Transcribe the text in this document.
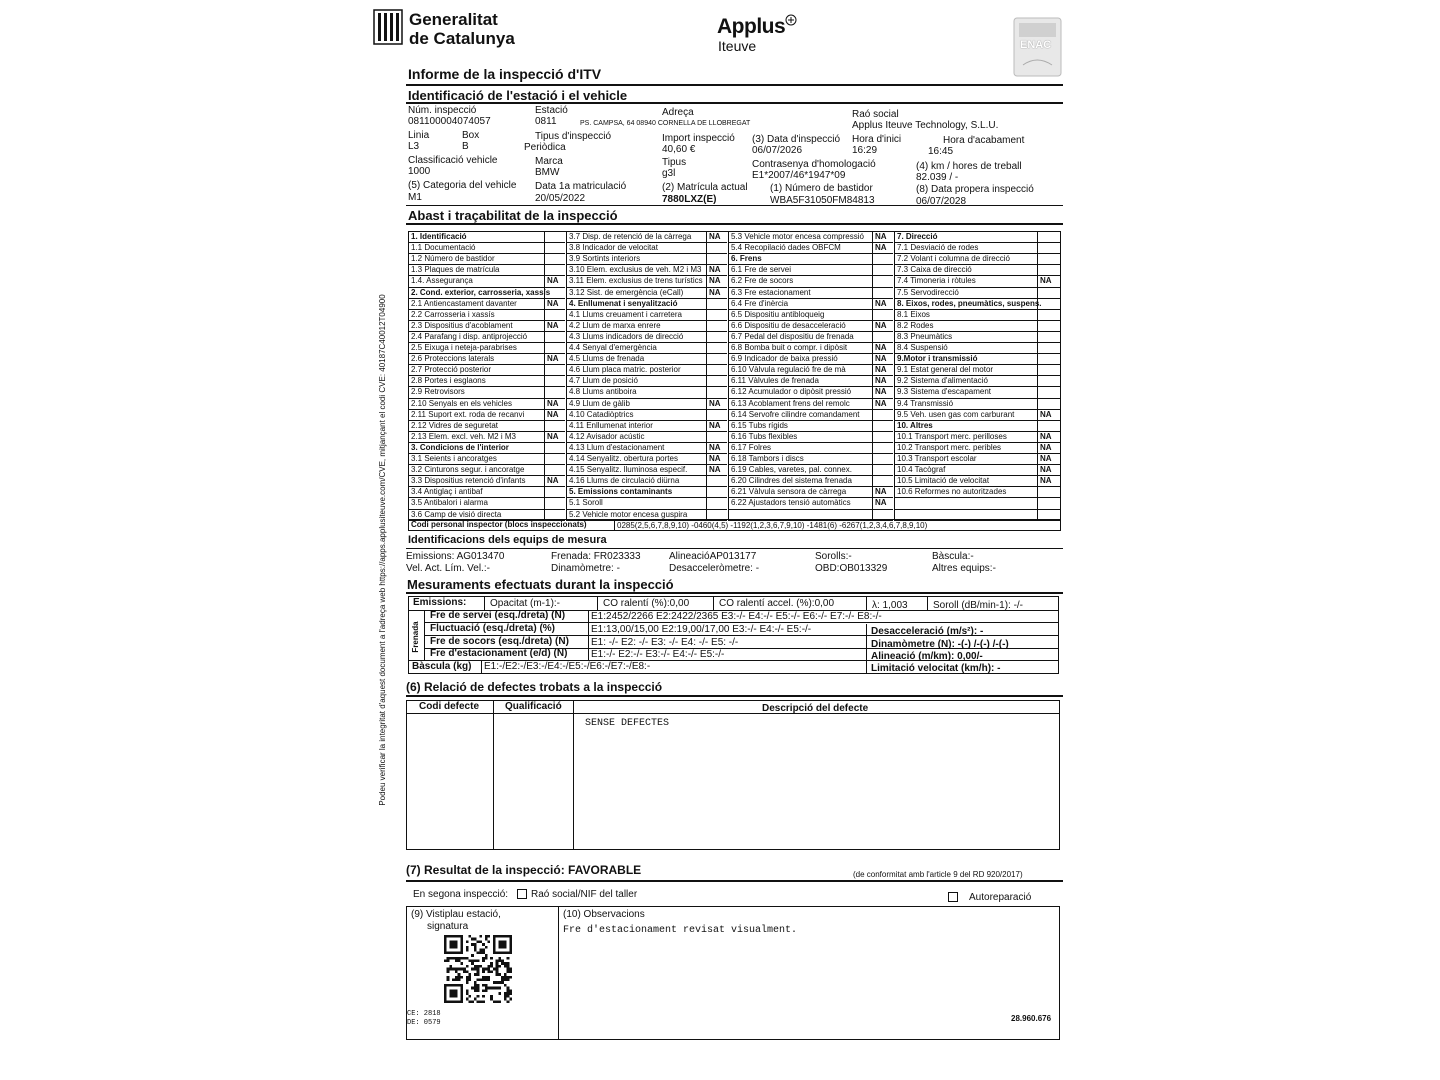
Podeu verificar la integritat d'aquest document a l'adreça web https://apps.applusiteuve.com/CVE, mitjançant el codi CVE: 40187C40012T04900
Generalitat
de Catalunya
Applus
Iteuve	ENAC
Informe de la inspecció d'ITV
Identificació de l'estació i el vehicle
Núm. inspecció
081100004074057
Estació
0811
Adreça
PS. CAMPSA, 64 08940 CORNELLA DE LLOBREGAT
Raó social
Applus Iteuve Technology, S.L.U.
Linia
L3
Box
B
Tipus d'inspecció
Periòdica
Import inspecció
40,60 €
(3) Data d'inspecció
06/07/2026
Hora d'inici
16:29
Hora d'acabament
16:45
Classificació vehicle
1000
Marca
BMW
Tipus
g3l
Contrasenya d'homologació
E1*2007/46*1947*09
(4) km / hores de treball
82.039 / -
(5) Categoria del vehicle
M1
Data 1a matriculació
20/05/2022
(2) Matrícula actual
7880LXZ(E)
(1) Número de bastidor
WBA5F31050FM84813
(8) Data propera inspecció
06/07/2028
Abast i traçabilitat de la inspecció
1. Identificació
1.1 Documentació
1.2 Número de bastidor
1.3 Plaques de matrícula
1.4. Assegurança	NA
2. Cond. exterior, carrosseria, xassís
2.1 Antiencastament davanter	NA
2.2 Carrosseria i xassís
2.3 Dispositius d'acoblament	NA
2.4 Parafang i disp. antiprojecció
2.5 Eixuga i neteja-parabrises
2.6 Proteccions laterals	NA
2.7 Protecció posterior
2.8 Portes i esglaons
2.9 Retrovisors
2.10 Senyals en els vehicles	NA
2.11 Suport ext. roda de recanvi	NA
2.12 Vidres de seguretat
2.13 Elem. excl. veh. M2 i M3	NA
3. Condicions de l'interior
3.1 Seients i ancoratges
3.2 Cinturons segur. i ancoratge
3.3 Dispositius retenció d'infants	NA
3.4 Antiglaç i antibaf
3.5 Antibalori i alarma
3.6 Camp de visió directa
3.7 Disp. de retenció de la càrrega NA
3.8 Indicador de velocitat
3.9 Sortints interiors
3.10 Elem. exclusius de veh. M2 i M3 NA
3.11 Elem. exclusius de trens turístics NA
3.12 Sist. de emergència (eCall)	NA
4. Enllumenat i senyalització
4.1 Llums creuament i carretera
4.2 Llum de marxa enrere
4.3 Llums indicadors de direcció
4.4 Senyal d'emergència
4.5 Llums de frenada
4.6 Llum placa matric. posterior
4.7 Llum de posició
4.8 Llums antiboira
4.9 Llum de gàlib	NA
4.10 Catadiòptrics
4.11 Enllumenat interior	NA
4.12 Avisador acústic
4.13 Llum d'estacionament	NA
4.14 Senyalitz. obertura portes	NA
4.15 Senyalitz. lluminosa especif.	NA
4.16 Llums de circulació diürna
5. Emissions contaminants
5.1 Soroll
5.2 Vehicle motor encesa guspira
5.3 Vehicle motor encesa compressió NA
5.4 Recopilació dades OBFCM	NA
6. Frens
6.1 Fre de servei
6.2 Fre de socors
6.3 Fre estacionament
6.4 Fre d'inèrcia	NA
6.5 Dispositiu antibloqueig
6.6 Dispositiu de desacceleració	NA
6.7 Pedal del dispositiu de frenada
6.8 Bomba buit o compr. i dipòsit	NA
6.9 Indicador de baixa pressió	NA
6.10 Vàlvula regulació fre de mà	NA
6.11 Vàlvules de frenada	NA
6.12 Acumulador o dipòsit pressió	NA
6.13 Acoblament frens del remolc	NA
6.14 Servofre cilindre comandament
6.15 Tubs rígids
6.16 Tubs flexibles
6.17 Folres
6.18 Tambors i discs
6.19 Cables, varetes, pal. connex.
6.20 Cilindres del sistema frenada
6.21 Vàlvula sensora de càrrega	NA
6.22 Ajustadors tensió automàtics	NA
7. Direcció
7.1 Desviació de rodes
7.2 Volant i columna de direcció
7.3 Caixa de direcció
7.4 Timoneria i ròtules	NA
7.5 Servodirecció
8. Eixos, rodes, pneumàtics, suspens.
8.1 Eixos
8.2 Rodes
8.3 Pneumàtics
8.4 Suspensió
9.Motor i transmissió
9.1 Estat general del motor
9.2 Sistema d'alimentació
9.3 Sistema d'escapament
9.4 Transmissió
9.5 Veh. usen gas com carburant	NA
10. Altres
10.1 Transport merc. perilloses	NA
10.2 Transport merc. peribles	NA
10.3 Transport escolar	NA
10.4 Tacògraf	NA
10.5 Limitació de velocitat	NA
10.6 Reformes no autoritzades
Codi personal inspector (blocs inspeccionats)	0285(2,5,6,7,8,9,10) -0460(4,5) -1192(1,2,3,6,7,9,10) -1481(6) -6267(1,2,3,4,6,7,8,9,10)
Identificacions dels equips de mesura
Emissions: AG013470	Frenada: FR023333	AlineacióAP013177	Sorolls:-	Bàscula:-
Vel. Act. Lím. Vel.:-	Dinamòmetre: -	Desacceleròmetre: -	OBD:OB013329	Altres equips:-
Mesuraments efectuats durant la inspecció
Emissions: Opacitat (m-1):-	CO ralentí (%):0,00	CO ralentí accel. (%):0,00	λ: 1,003	Soroll (dB/min-1): -/-
Frenada
Fre de servei (esq./dreta) (N)	E1:2452/2266 E2:2422/2365 E3:-/- E4:-/- E5:-/- E6:-/- E7:-/- E8:-/-
Fluctuació (esq./dreta) (%)	E1:13,00/15,00 E2:19,00/17,00 E3:-/- E4:-/- E5:-/-
Fre de socors (esq./dreta) (N) E1: -/- E2: -/- E3: -/- E4: -/- E5: -/-
Fre d'estacionament (e/d) (N) E1:-/- E2:-/- E3:-/- E4:-/- E5:-/-
Bàscula (kg) E1:-/E2:-/E3:-/E4:-/E5:-/E6:-/E7:-/E8:-
Desacceleració (m/s²): -
Dinamòmetre (N): -(-) /-(-) /-(-)
Alineació (m/km): 0,00/-
Limitació velocitat (km/h): -
(6) Relació de defectes trobats a la inspecció
Codi defecte	Qualificació	Descripció del defecte
SENSE DEFECTES
(7) Resultat de la inspecció: FAVORABLE	(de conformitat amb l'article 9 del RD 920/2017)
En segona inspecció: Raó social/NIF del taller	Autoreparació
(9) Vistiplau estació,
signatura
CE: 2818
DE: 0579
(10) Observacions
Fre d'estacionament revisat visualment.
28.960.676
